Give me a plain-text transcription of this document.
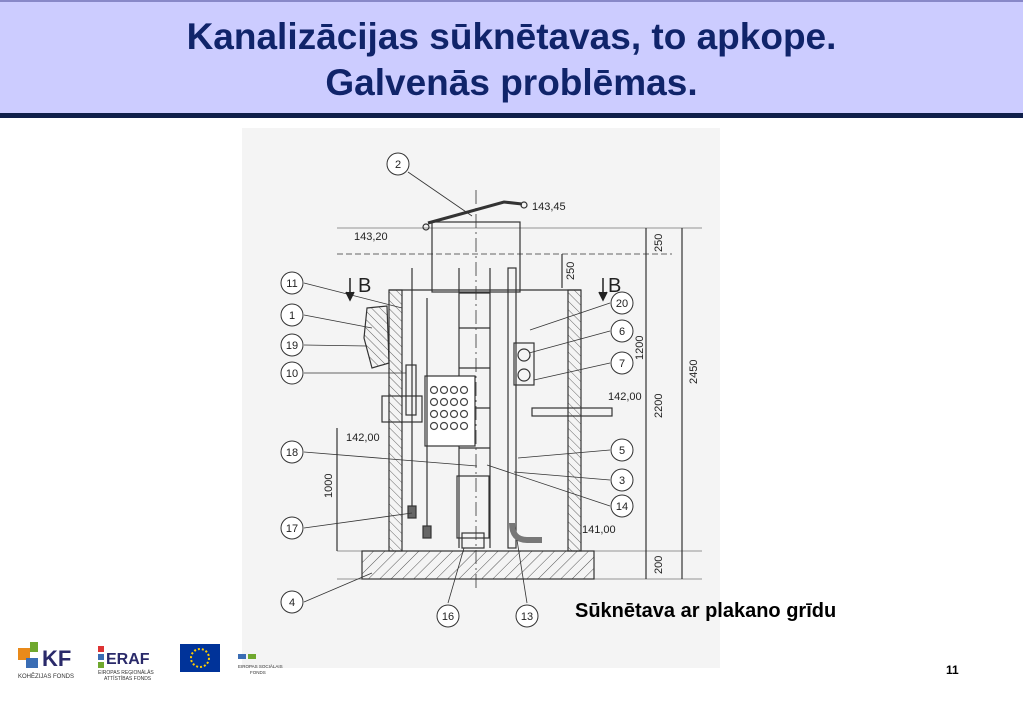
Kanalizācijas sūknētavas, to apkope.
Galvenās problēmas.
2
11
1
19
10
18
17
4
16	13
20
6
7
5
3
14
143,45
143,20
142,00
142,00
141,00
250
250
1200
2200
2450
1000
200
B	B
Sūknētava ar plakano grīdu
KF
KOHĒZIJAS FONDS
ERAF
EIROPAS REĢIONĀLĀS
ATTĪSTĪBAS FONDS
EIROPAS SOCIĀLAIS
FONDS	11
